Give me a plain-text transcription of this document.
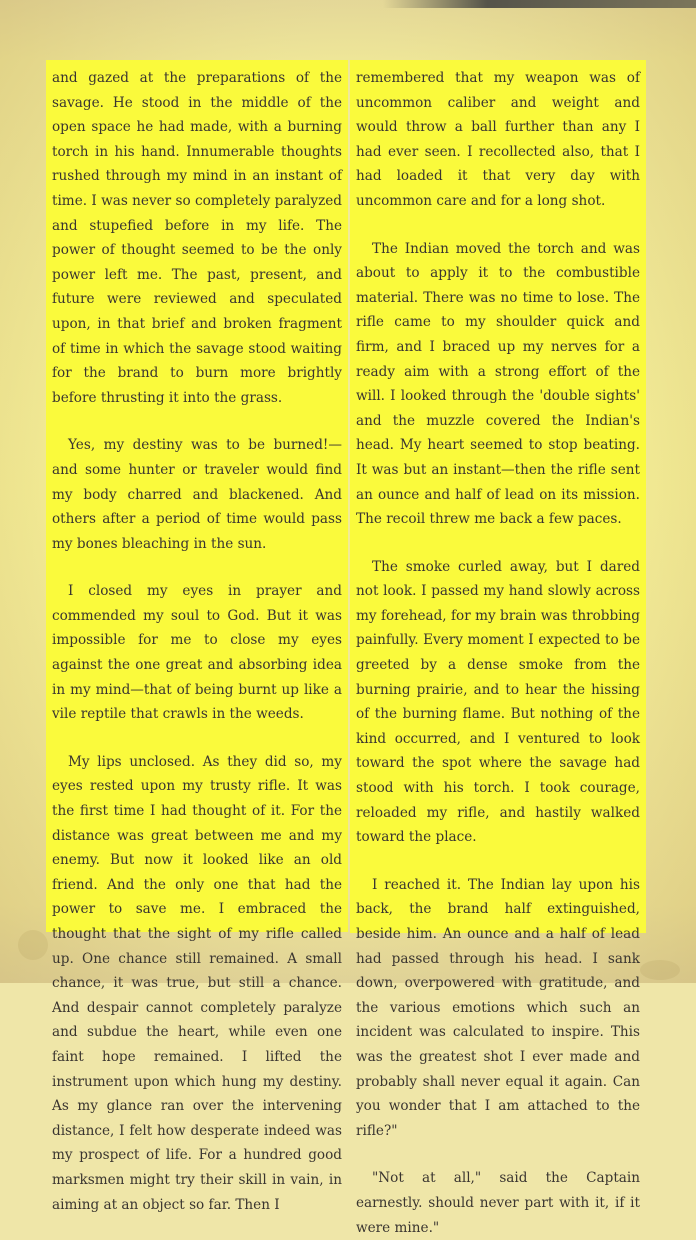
and gazed at the preparations of the savage. He stood in the middle of the open space he had made, with a burning torch in his hand. Innumerable thoughts rushed through my mind in an instant of time. I was never so completely paralyzed and stupefied before in my life. The power of thought seemed to be the only power left me. The past, present, and future were reviewed and speculated upon, in that brief and broken fragment of time in which the savage stood waiting for the brand to burn more brightly before thrusting it into the grass.

Yes, my destiny was to be burned!—and some hunter or traveler would find my body charred and blackened. And others after a period of time would pass my bones bleaching in the sun.

I closed my eyes in prayer and commended my soul to God. But it was impossible for me to close my eyes against the one great and absorbing idea in my mind—that of being burnt up like a vile reptile that crawls in the weeds.

My lips unclosed. As they did so, my eyes rested upon my trusty rifle. It was the first time I had thought of it. For the distance was great between me and my enemy. But now it looked like an old friend. And the only one that had the power to save me. I embraced the thought that the sight of my rifle called up. One chance still remained. A small chance, it was true, but still a chance. And despair cannot completely paralyze and subdue the heart, while even one faint hope remained. I lifted the instrument upon which hung my destiny. As my glance ran over the intervening distance, I felt how desperate indeed was my prospect of life. For a hundred good marksmen might try their skill in vain, in aiming at an object so far. Then I

remembered that my weapon was of uncommon caliber and weight and would throw a ball further than any I had ever seen. I recollected also, that I had loaded it that very day with uncommon care and for a long shot.

The Indian moved the torch and was about to apply it to the combustible material. There was no time to lose. The rifle came to my shoulder quick and firm, and I braced up my nerves for a ready aim with a strong effort of the will. I looked through the 'double sights' and the muzzle covered the Indian's head. My heart seemed to stop beating. It was but an instant—then the rifle sent an ounce and half of lead on its mission. The recoil threw me back a few paces.

The smoke curled away, but I dared not look. I passed my hand slowly across my forehead, for my brain was throbbing painfully. Every moment I expected to be greeted by a dense smoke from the burning prairie, and to hear the hissing of the burning flame. But nothing of the kind occurred, and I ventured to look toward the spot where the savage had stood with his torch. I took courage, reloaded my rifle, and hastily walked toward the place.

I reached it. The Indian lay upon his back, the brand half extinguished, beside him. An ounce and a half of lead had passed through his head. I sank down, overpowered with gratitude, and the various emotions which such an incident was calculated to inspire. This was the greatest shot I ever made and probably shall never equal it again. Can you wonder that I am attached to the rifle?"

"Not at all," said the Captain earnestly. should never part with it, if it were mine."
